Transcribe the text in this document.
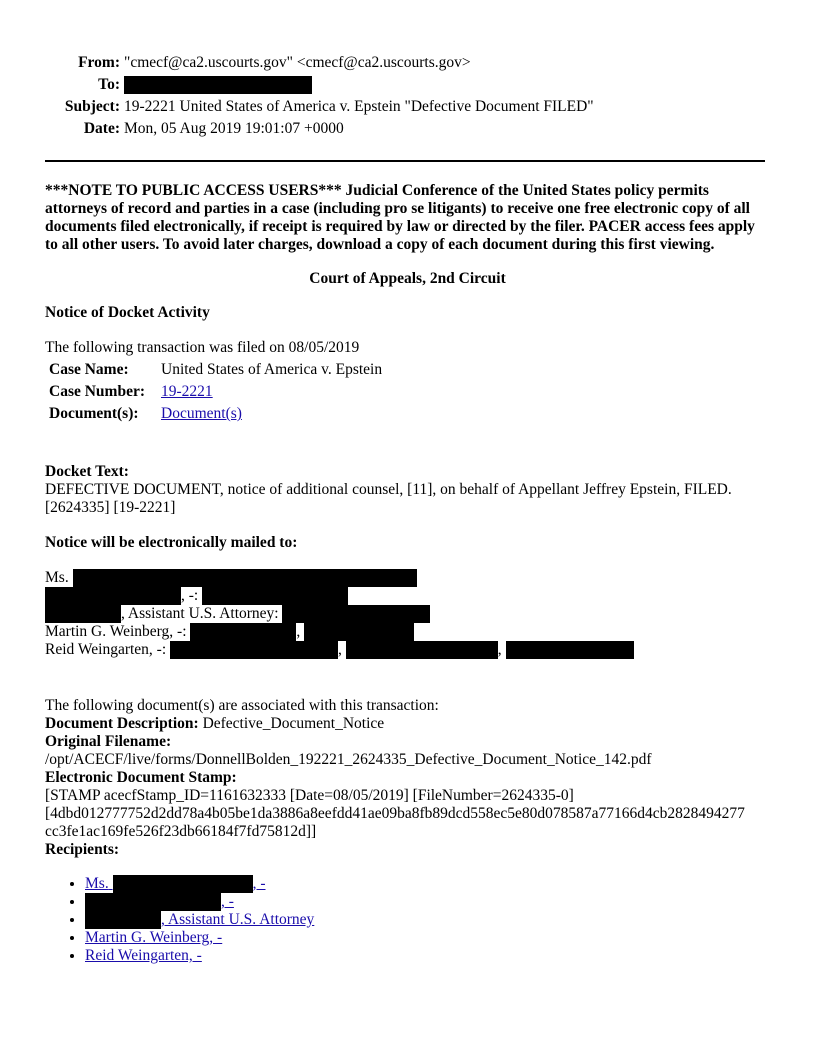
From: "cmecf@ca2.uscourts.gov" <cmecf@ca2.uscourts.gov>
To:
Subject: 19-2221 United States of America v. Epstein "Defective Document FILED"
Date: Mon, 05 Aug 2019 19:01:07 +0000

***NOTE TO PUBLIC ACCESS USERS*** Judicial Conference of the United States policy permits attorneys of record and parties in a case (including pro se litigants) to receive one free electronic copy of all documents filed electronically, if receipt is required by law or directed by the filer. PACER access fees apply to all other users. To avoid later charges, download a copy of each document during this first viewing.

Court of Appeals, 2nd Circuit
Notice of Docket Activity
The following transaction was filed on 08/05/2019
Case Name:	United States of America v. Epstein
Case Number:	19-2221
Document(s):	Document(s)
Docket Text:
DEFECTIVE DOCUMENT, notice of additional counsel, [11], on behalf of Appellant Jeffrey Epstein, FILED. [2624335] [19-2221]
Notice will be electronically mailed to:
Ms.
, -:
, Assistant U.S. Attorney:
Martin G. Weinberg, -:	,
Reid Weingarten, -:	,	,
The following document(s) are associated with this transaction:
Document Description: Defective_Document_Notice
Original Filename:
/opt/ACECF/live/forms/DonnellBolden_192221_2624335_Defective_Document_Notice_142.pdf
Electronic Document Stamp:
[STAMP acecfStamp_ID=1161632333 [Date=08/05/2019] [FileNumber=2624335-0]
[4dbd012777752d2dd78a4b05be1da3886a8eefdd41ae09ba8fb89dcd558ec5e80d078587a77166d4cb2828494277
cc3fe1ac169fe526f23db66184f7fd75812d]]
Recipients:
• Ms.	, -
• , -
• , Assistant U.S. Attorney
• Martin G. Weinberg, -
• Reid Weingarten, -
